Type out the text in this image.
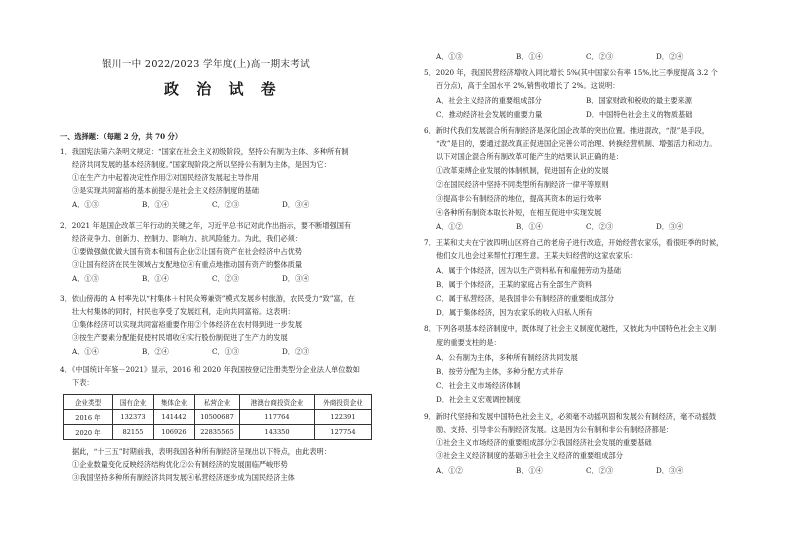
银川一中 2022/2023 学年度(上)高一期末考试
政 治 试 卷
一、选择题：（每题 2 分，共 70 分）
1．我国宪法第六条明文规定：“国家在社会主义初级阶段，坚持公有制为主体、多种所有制
经济共同发展的基本经济制度。”国家现阶段之所以坚持公有制为主体，是因为它：
①在生产力中起着决定性作用②对国民经济发展起主导作用
③是实现共同富裕的基本前提④是社会主义经济制度的基础
A．①③	B．①④	C．②③	D．③④
2．2021 年是国企改革三年行动的关键之年，习近平总书记对此作出指示，要不断增强国有
经济竞争力、创新力、控制力、影响力、抗风险能力。为此，我们必须：
①要做强做优做大国有资本和国有企业②让国有资产在社会经济中占优势
③让国有经济在民生领域占支配地位④有重点地推动国有资产的整体质量
A．①③	B．①④	C．②③	D．③④
3．依山傍海的 A 村率先以“村集体＋村民众筹兼资”模式发展乡村旅游，农民受力“致”富，在
壮大村集体的同时，村民也享受了发展红利，走向共同富裕。这表明：
①集体经济可以实现共同富裕重要作用②个体经济在农村得到进一步发展
③按生产要素分配能促使村民增收④实行股份制促进了生产力的发展
A．①④	B．②④	C．①③	D．②③
4．《中国统计年鉴－2021》显示，2016 和 2020 年我国按登记注册类型分企业法人单位数如
下表：
企业类型	国有企业	集体企业	私营企业	港澳台商投资企业	外商投资企业
2016 年	132373	141442	10500687	117764	122391
2020 年	82155	106926	22835565	143350	127754
据此，“十三五”时期前我，表明我国各种所有制经济呈现出以下特点，由此表明：
①企业数量变化反映经济结构优化②公有制经济的发展面临严峻形势
③我国坚持多种所有制经济共同发展④私营经济逐步成为国民经济主体
A．①③	B．①④	C．②③	D．②④
5．2020 年，我国民营经济增收入同比增长 5%(其中国家公有率 15%,比三季度提高 3.2 个
百分点)，高于全国水平 2%,销售收增长了 2%。这说明：
A．社会主义经济的重要组成部分	B．国家财政和税收的最主要来源
C．推动经济社会发展的重要力量	D．中国特色社会主义的物质基础
6．新时代我们发展混合所有制经济是深化国企改革的突出位置。推进混改，“混”是手段，
“改”是目的，要通过混改真正促进国企完善公司治理、转换经营机制、增强活力和动力。
以下对国企混合所有制改革可能产生的结果认识正确的是：
①改革束缚企业发展的体制机制，促进国有企业的发展
②在国民经济中坚持不同类型所有制经济一律平等原则
③提高非公有制经济的地位，提高其资本的运行效率
④各种所有制资本取长补短，在相互促进中实现发展
A．①②	B．①④	C．②③	D．③④
7．王某和丈夫在宁波四明山区将自己的老房子进行改造，开始经营农家乐，看很旺季的时候，
他们女儿也会过来帮忙打理生意。王某夫妇经营的这家农家乐：
A．属于个体经济，因为以生产资料私有和雇佣劳动为基础
B．属于个体经济，王某的家庭占有全部生产资料
C．属于私营经济，是我国非公有制经济的重要组成部分
D．属于集体经济，因为农家乐的收入归私人所有
8．下列各项基本经济制度中，既体现了社会主义制度优越性，又彼此为中国特色社会主义制
度的重要支柱的是：
A．公有制为主体，多种所有制经济共同发展
B．按劳分配为主体，多种分配方式并存
C．社会主义市场经济体制
D．社会主义宏观调控制度
9．新时代坚持和发展中国特色社会主义，必须毫不动摇巩固和发展公有制经济，毫不动摇鼓
励、支持、引导非公有制经济发展。这是因为公有制和非公有制经济都是：
①社会主义市场经济的重要组成部分②我国经济社会发展的重要基础
③社会主义经济制度的基础④社会主义经济的重要组成部分
A．①②	B．①④	C．②③	D．③④
